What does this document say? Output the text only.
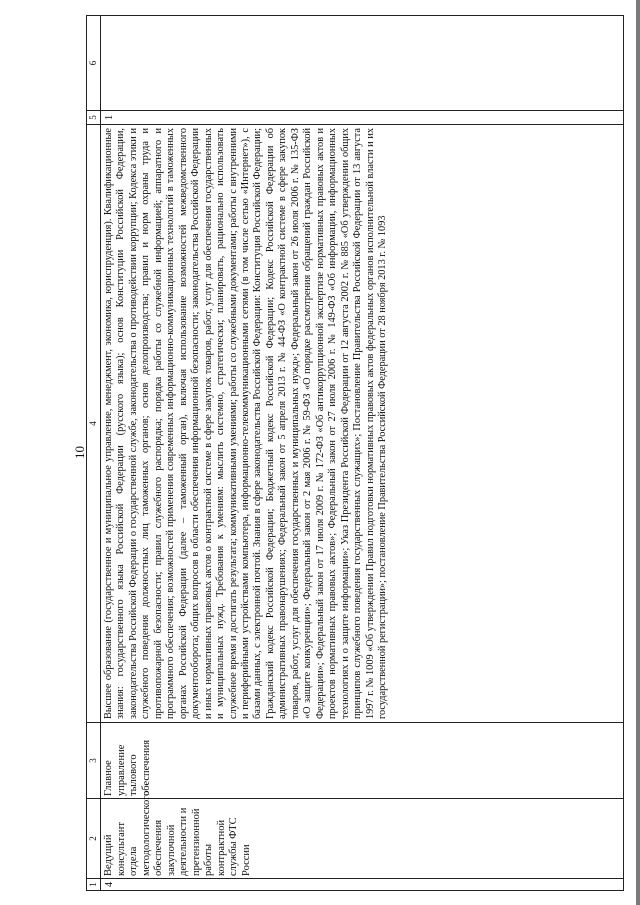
10
1	2	3	4	5	6
4	Ведущий консультант отдела методологического обеспечения закупочной деятельности и претензионной работы контрактной службы ФТС России	Главное управление тылового обеспечения	Высшее образование (государственное и муниципальное управление, менеджмент, экономика, юриспруденция). Квалификационные знания: государственного языка Российской Федерации (русского языка); основ Конституции Российской Федерации, законодательства Российской Федерации о государственной службе, законодательства о противодействии коррупции; Кодекса этики и служебного поведения должностных лиц таможенных органов; основ делопроизводства; правил и норм охраны труда и противопожарной безопасности; правил служебного распорядка; порядка работы со служебной информацией; аппаратного и программного обеспечения; возможностей применения современных информационно-коммуникационных технологий в таможенных органах Российской Федерации (далее – таможенный орган), включая использование возможностей межведомственного документооборота; общих вопросов в области обеспечения информационной безопасности; законодательства Российской Федерации и иных нормативных правовых актов о контрактной системе в сфере закупок товаров, работ, услуг для обеспечения государственных и муниципальных нужд. Требования к умениям: мыслить системно, стратегически; планировать, рационально использовать служебное время и достигать результата; коммуникативными умениями; работы со служебными документами; работы с внутренними и периферийными устройствами компьютера, информационно-телекоммуникационными сетями (в том числе сетью «Интернет»), с базами данных, с электронной почтой. Знания в сфере законодательства Российской Федерации: Конституция Российской Федерации; Гражданский кодекс Российской Федерации; Бюджетный кодекс Российской Федерации; Кодекс Российской Федерации об административных правонарушениях; Федеральный закон от 5 апреля 2013 г. № 44-ФЗ «О контрактной системе в сфере закупок товаров, работ, услуг для обеспечения государственных и муниципальных нужд»; Федеральный закон от 26 июля 2006 г. № 135-ФЗ «О защите конкуренции»; Федеральный закон от 2 мая 2006 г. № 59-ФЗ «О порядке рассмотрения обращений граждан Российской Федерации»; Федеральный закон от 17 июля 2009 г. № 172-ФЗ «Об антикоррупционной экспертизе нормативных правовых актов и проектов нормативных правовых актов»; Федеральный закон от 27 июля 2006 г. № 149-ФЗ «Об информации, информационных технологиях и о защите информации»; Указ Президента Российской Федерации от 12 августа 2002 г. № 885 «Об утверждении общих принципов служебного поведения государственных служащих»; Постановление Правительства Российской Федерации от 13 августа 1997 г. № 1009 «Об утверждении Правил подготовки нормативных правовых актов федеральных органов исполнительной власти и их государственной регистрации»; постановление Правительства Российской Федерации от 28 ноября 2013 г. № 1093	1	
